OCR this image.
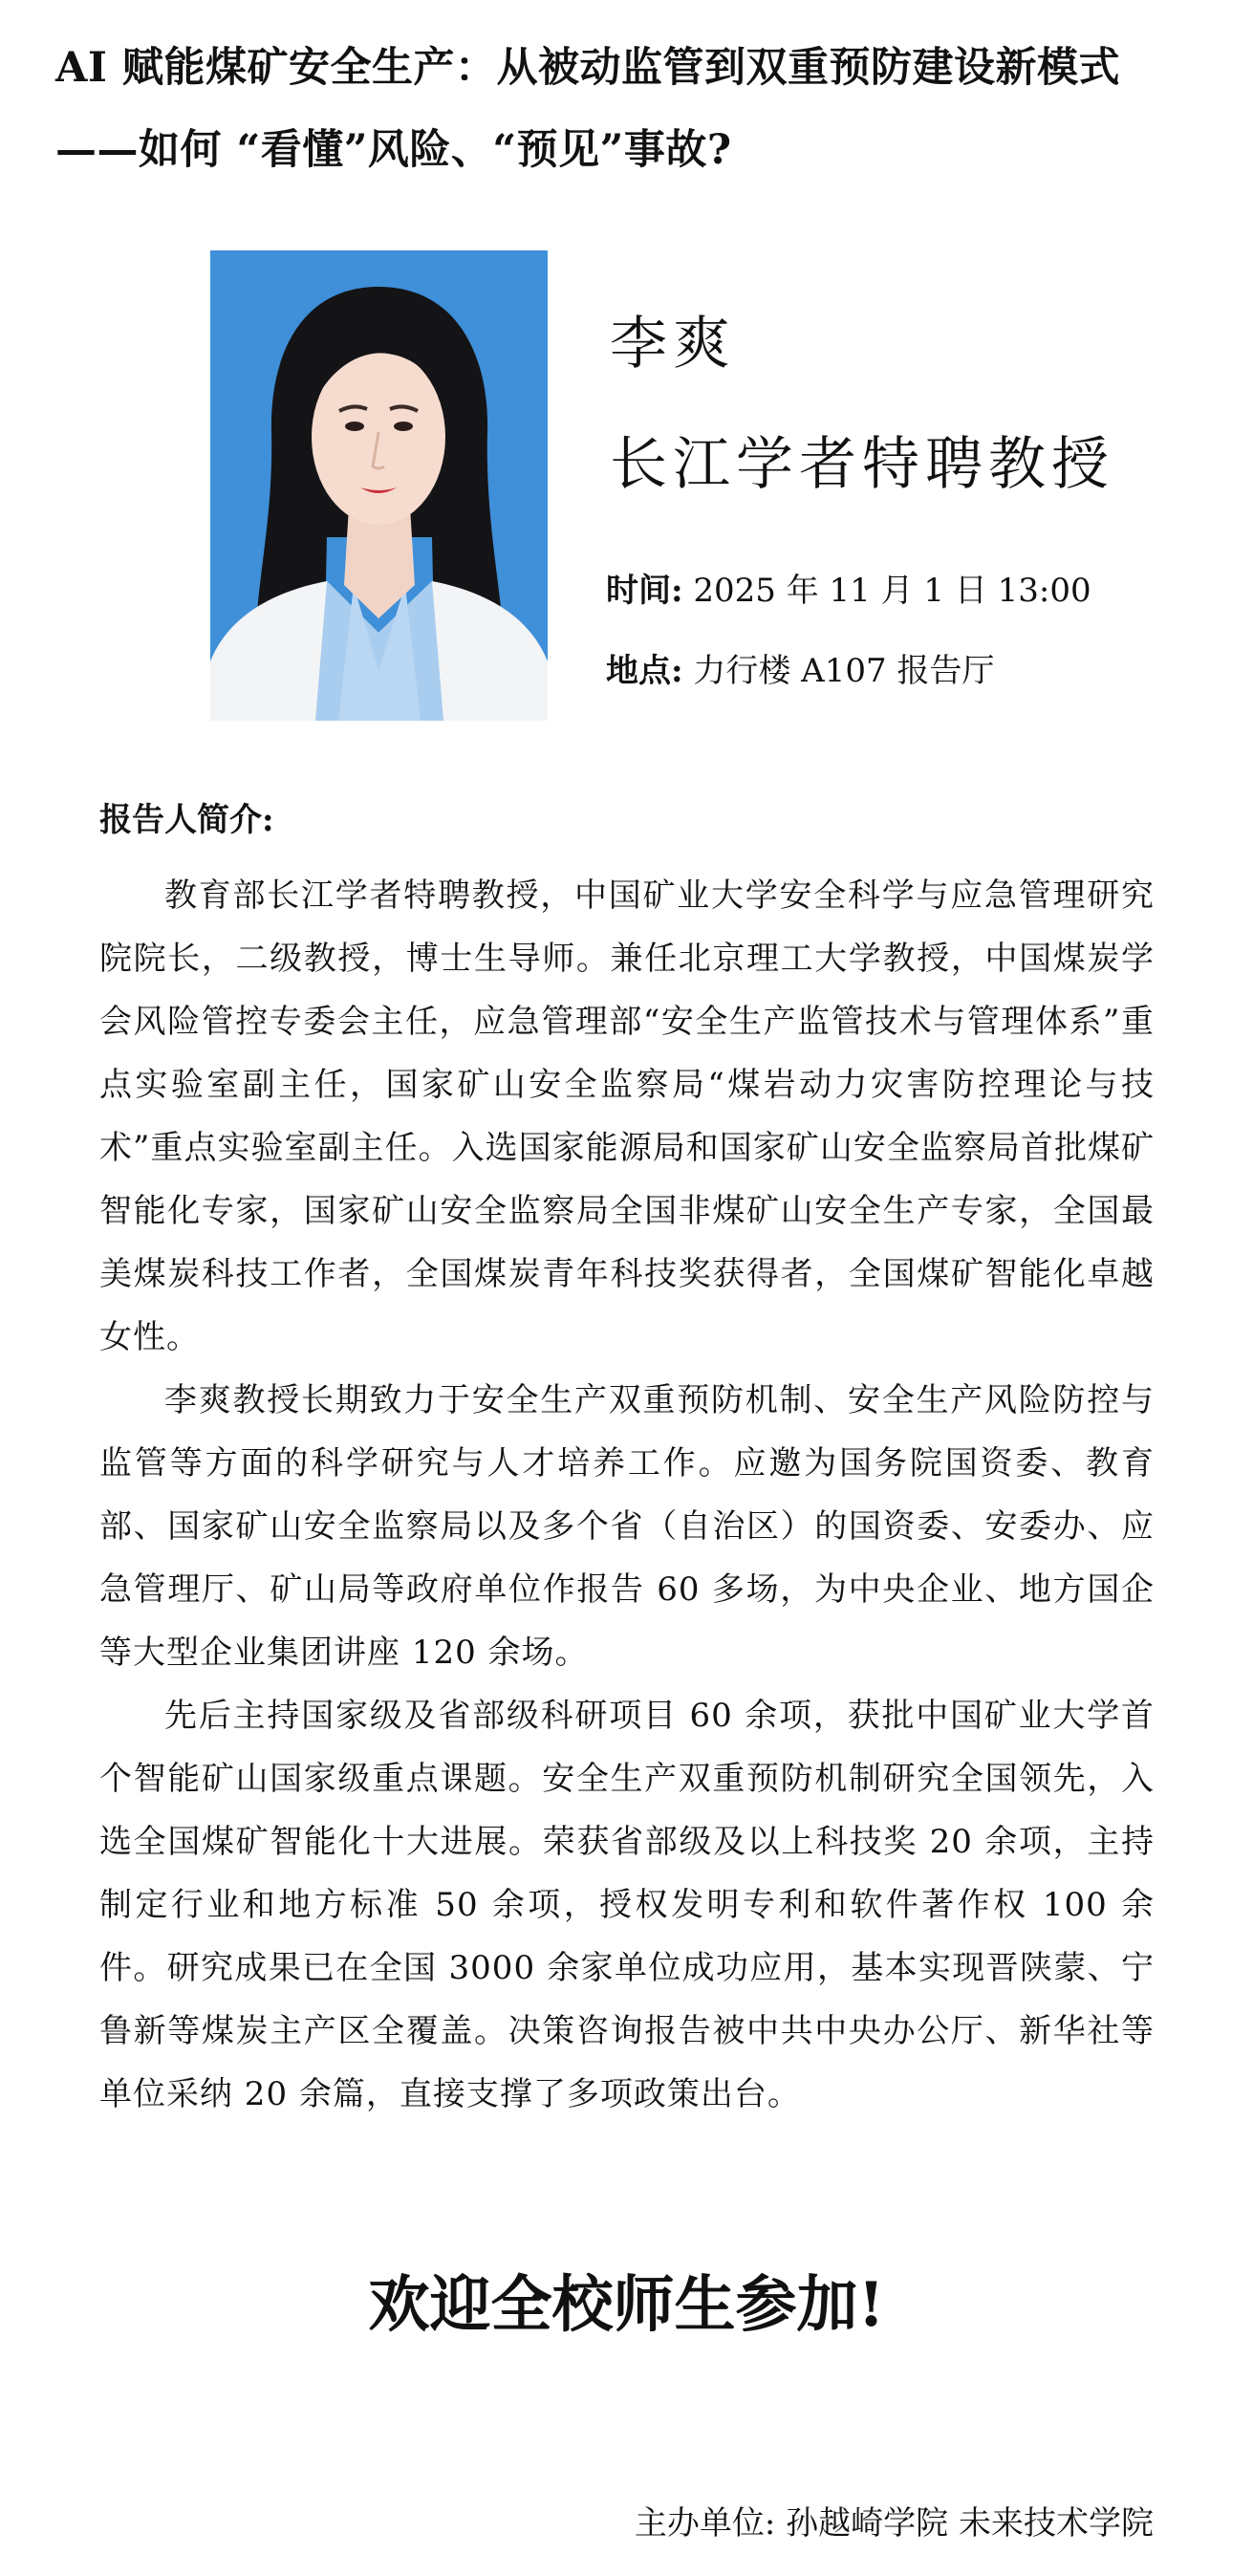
AI 赋能煤矿安全生产：从被动监管到双重预防建设新模式
——如何 “看懂”风险、“预见”事故?
李爽
长江学者特聘教授
时间: 2025 年 11 月 1 日 13:00
地点: 力行楼 A107 报告厅
报告人简介:

教育部长江学者特聘教授，中国矿业大学安全科学与应急管理研究院院长，二级教授，博士生导师。兼任北京理工大学教授，中国煤炭学会风险管控专委会主任，应急管理部“安全生产监管技术与管理体系”重点实验室副主任，国家矿山安全监察局“煤岩动力灾害防控理论与技术”重点实验室副主任。入选国家能源局和国家矿山安全监察局首批煤矿智能化专家，国家矿山安全监察局全国非煤矿山安全生产专家，全国最美煤炭科技工作者，全国煤炭青年科技奖获得者，全国煤矿智能化卓越女性。

李爽教授长期致力于安全生产双重预防机制、安全生产风险防控与监管等方面的科学研究与人才培养工作。应邀为国务院国资委、教育部、国家矿山安全监察局以及多个省（自治区）的国资委、安委办、应急管理厅、矿山局等政府单位作报告 60 多场，为中央企业、地方国企等大型企业集团讲座 120 余场。

先后主持国家级及省部级科研项目 60 余项，获批中国矿业大学首个智能矿山国家级重点课题。安全生产双重预防机制研究全国领先，入选全国煤矿智能化十大进展。荣获省部级及以上科技奖 20 余项，主持制定行业和地方标准 50 余项，授权发明专利和软件著作权 100 余件。研究成果已在全国 3000 余家单位成功应用，基本实现晋陕蒙、宁鲁新等煤炭主产区全覆盖。决策咨询报告被中共中央办公厅、新华社等单位采纳 20 余篇，直接支撑了多项政策出台。

欢迎全校师生参加!
主办单位: 孙越崎学院 未来技术学院
